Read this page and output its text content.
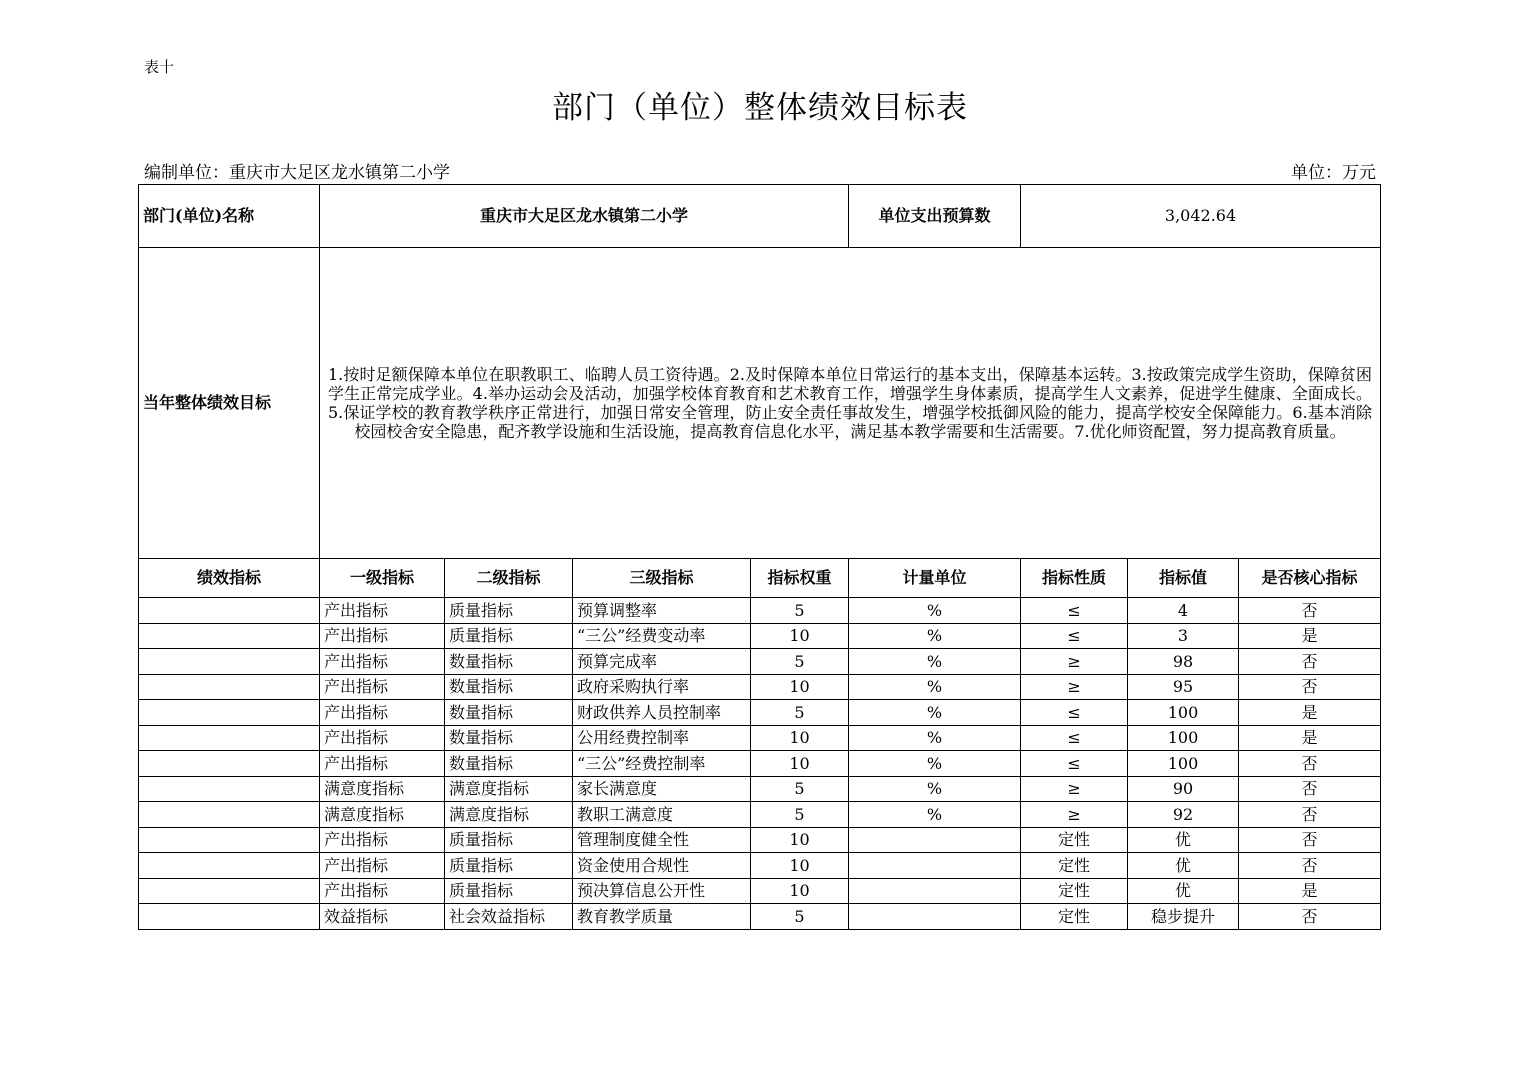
表十
部门（单位）整体绩效目标表
编制单位：重庆市大足区龙水镇第二小学	单位：万元
部门(单位)名称	重庆市大足区龙水镇第二小学				单位支出预算数	3,042.64		
当年整体绩效目标	1.按时足额保障本单位在职教职工、临聘人员工资待遇。2.及时保障本单位日常运行的基本支出，保障基本运转。3.按政策完成学生资助，保障贫困学生正常完成学业。4.举办运动会及活动，加强学校体育教育和艺术教育工作，增强学生身体素质，提高学生人文素养，促进学生健康、全面成长。5.保证学校的教育教学秩序正常进行，加强日常安全管理，防止安全责任事故发生，增强学校抵御风险的能力，提高学校安全保障能力。6.基本消除校园校舍安全隐患，配齐教学设施和生活设施，提高教育信息化水平，满足基本教学需要和生活需要。7.优化师资配置，努力提高教育质量。							
绩效指标	一级指标	二级指标	三级指标	指标权重	计量单位	指标性质	指标值	是否核心指标
	产出指标	质量指标	预算调整率	5	%	≤	4	否
	产出指标	质量指标	“三公”经费变动率	10	%	≤	3	是
	产出指标	数量指标	预算完成率	5	%	≥	98	否
	产出指标	数量指标	政府采购执行率	10	%	≥	95	否
	产出指标	数量指标	财政供养人员控制率	5	%	≤	100	是
	产出指标	数量指标	公用经费控制率	10	%	≤	100	是
	产出指标	数量指标	“三公”经费控制率	10	%	≤	100	否
	满意度指标	满意度指标	家长满意度	5	%	≥	90	否
	满意度指标	满意度指标	教职工满意度	5	%	≥	92	否
	产出指标	质量指标	管理制度健全性	10		定性	优	否
	产出指标	质量指标	资金使用合规性	10		定性	优	否
	产出指标	质量指标	预决算信息公开性	10		定性	优	是
	效益指标	社会效益指标	教育教学质量	5		定性	稳步提升	否
